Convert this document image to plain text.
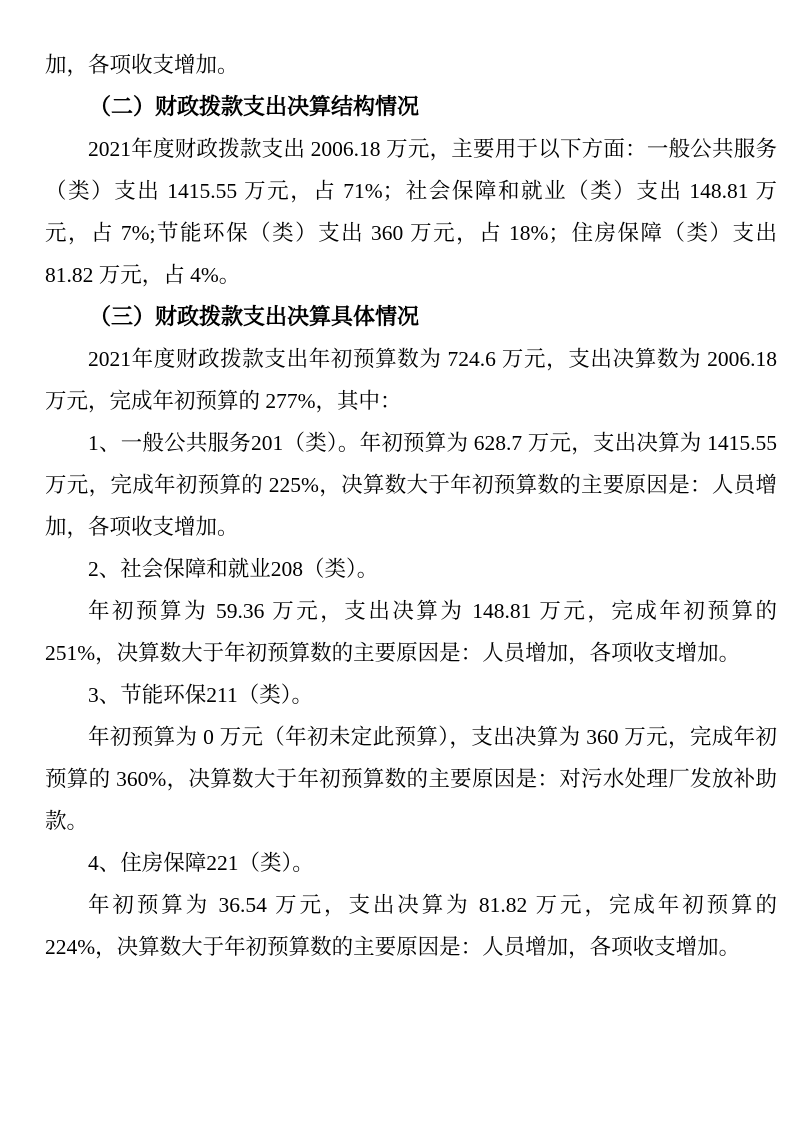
加，各项收支增加。

（二）财政拨款支出决算结构情况

2021年度财政拨款支出 2006.18 万元，主要用于以下方面：一般公共服务（类）支出 1415.55 万元，占 71%；社会保障和就业（类）支出 148.81 万元，占 7%;节能环保（类）支出 360 万元，占 18%；住房保障（类）支出 81.82 万元，占 4%。

（三）财政拨款支出决算具体情况

2021年度财政拨款支出年初预算数为 724.6 万元，支出决算数为 2006.18 万元，完成年初预算的 277%，其中：

1、一般公共服务201（类）。年初预算为 628.7 万元，支出决算为 1415.55 万元，完成年初预算的 225%，决算数大于年初预算数的主要原因是：人员增加，各项收支增加。

2、社会保障和就业208（类）。

年初预算为 59.36 万元，支出决算为 148.81 万元，完成年初预算的 251%，决算数大于年初预算数的主要原因是：人员增加，各项收支增加。

3、节能环保211（类）。

年初预算为 0 万元（年初未定此预算），支出决算为 360 万元，完成年初预算的 360%，决算数大于年初预算数的主要原因是：对污水处理厂发放补助款。

4、住房保障221（类）。

年初预算为 36.54 万元，支出决算为 81.82 万元，完成年初预算的 224%，决算数大于年初预算数的主要原因是：人员增加，各项收支增加。
